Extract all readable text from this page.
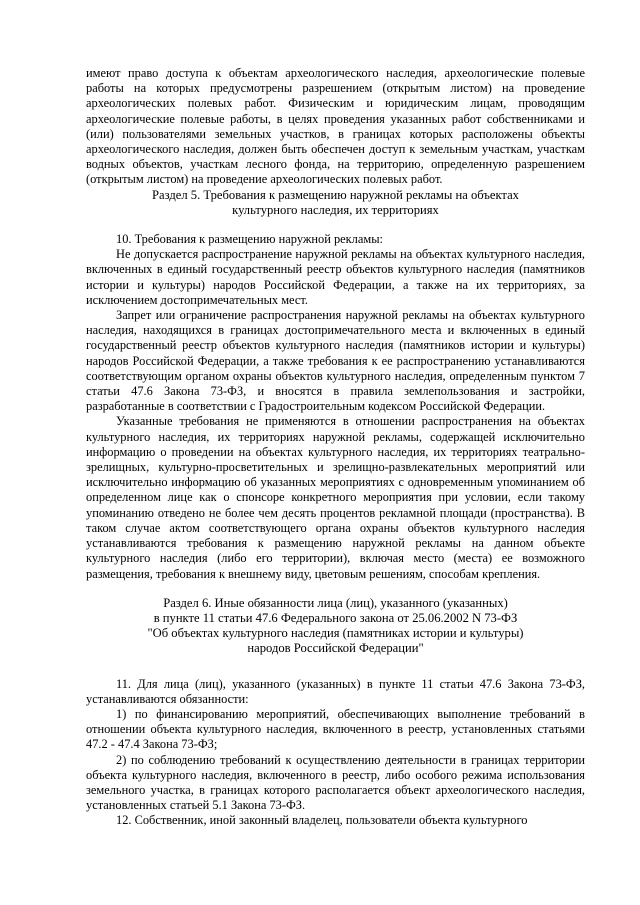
имеют право доступа к объектам археологического наследия, археологические полевые работы на которых предусмотрены разрешением (открытым листом) на проведение археологических полевых работ. Физическим и юридическим лицам, проводящим археологические полевые работы, в целях проведения указанных работ собственниками и (или) пользователями земельных участков, в границах которых расположены объекты археологического наследия, должен быть обеспечен доступ к земельным участкам, участкам водных объектов, участкам лесного фонда, на территорию, определенную разрешением (открытым листом) на проведение археологических полевых работ.

Раздел 5. Требования к размещению наружной рекламы на объектах

культурного наследия, их территориях

10. Требования к размещению наружной рекламы:

Не допускается распространение наружной рекламы на объектах культурного наследия, включенных в единый государственный реестр объектов культурного наследия (памятников истории и культуры) народов Российской Федерации, а также на их территориях, за исключением достопримечательных мест.

Запрет или ограничение распространения наружной рекламы на объектах культурного наследия, находящихся в границах достопримечательного места и включенных в единый государственный реестр объектов культурного наследия (памятников истории и культуры) народов Российской Федерации, а также требования к ее распространению устанавливаются соответствующим органом охраны объектов культурного наследия, определенным пунктом 7 статьи 47.6 Закона 73-ФЗ, и вносятся в правила землепользования и застройки, разработанные в соответствии с Градостроительным кодексом Российской Федерации.

Указанные требования не применяются в отношении распространения на объектах культурного наследия, их территориях наружной рекламы, содержащей исключительно информацию о проведении на объектах культурного наследия, их территориях театрально-зрелищных, культурно-просветительных и зрелищно-развлекательных мероприятий или исключительно информацию об указанных мероприятиях с одновременным упоминанием об определенном лице как о спонсоре конкретного мероприятия при условии, если такому упоминанию отведено не более чем десять процентов рекламной площади (пространства). В таком случае актом соответствующего органа охраны объектов культурного наследия устанавливаются требования к размещению наружной рекламы на данном объекте культурного наследия (либо его территории), включая место (места) ее возможного размещения, требования к внешнему виду, цветовым решениям, способам крепления.

Раздел 6. Иные обязанности лица (лиц), указанного (указанных)

в пункте 11 статьи 47.6 Федерального закона от 25.06.2002 N 73-ФЗ

"Об объектах культурного наследия (памятниках истории и культуры)

народов Российской Федерации"

11. Для лица (лиц), указанного (указанных) в пункте 11 статьи 47.6 Закона 73-ФЗ, устанавливаются обязанности:

1) по финансированию мероприятий, обеспечивающих выполнение требований в отношении объекта культурного наследия, включенного в реестр, установленных статьями 47.2 - 47.4 Закона 73-ФЗ;

2) по соблюдению требований к осуществлению деятельности в границах территории объекта культурного наследия, включенного в реестр, либо особого режима использования земельного участка, в границах которого располагается объект археологического наследия, установленных статьей 5.1 Закона 73-ФЗ.

12. Собственник, иной законный владелец, пользователи объекта культурного
